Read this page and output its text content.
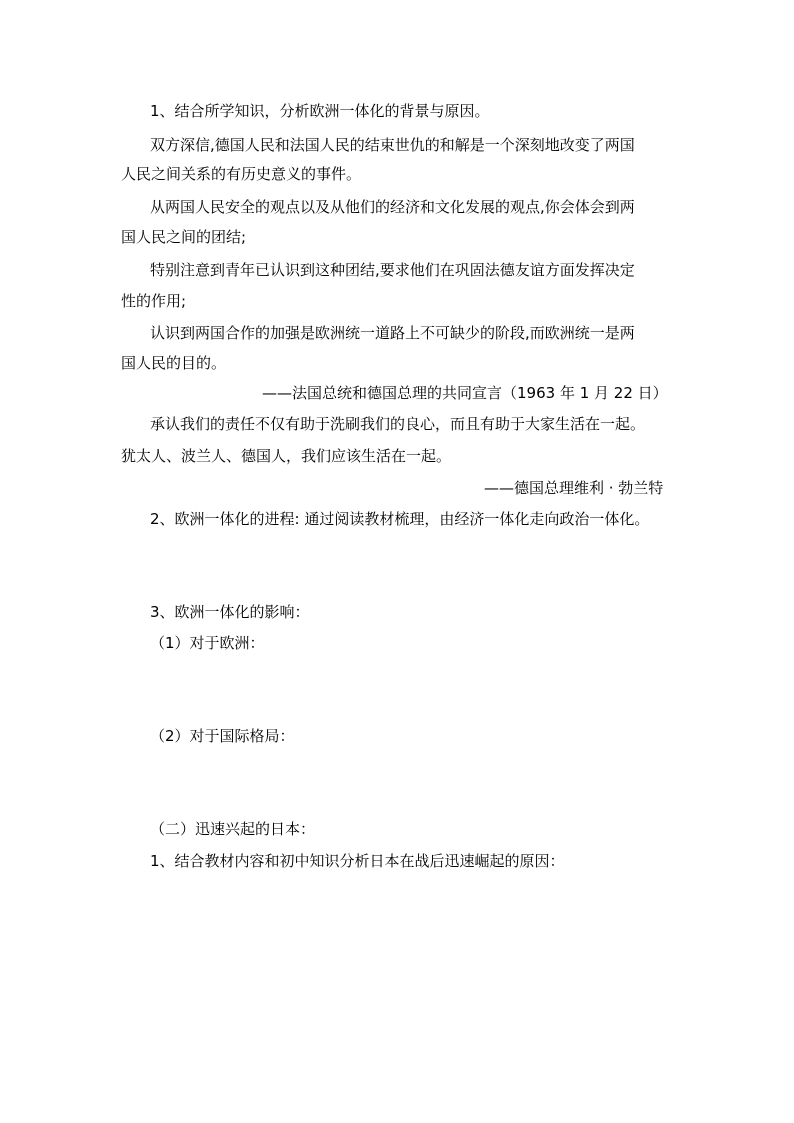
1、结合所学知识，分析欧洲一体化的背景与原因。
双方深信,德国人民和法国人民的结束世仇的和解是一个深刻地改变了两国
人民之间关系的有历史意义的事件。
从两国人民安全的观点以及从他们的经济和文化发展的观点,你会体会到两
国人民之间的团结;
特别注意到青年已认识到这种团结,要求他们在巩固法德友谊方面发挥决定
性的作用;
认识到两国合作的加强是欧洲统一道路上不可缺少的阶段,而欧洲统一是两
国人民的目的。
——法国总统和德国总理的共同宣言（1963 年 1 月 22 日）
承认我们的责任不仅有助于洗刷我们的良心，而且有助于大家生活在一起。
犹太人、波兰人、德国人，我们应该生活在一起。
——德国总理维利 · 勃兰特
2、欧洲一体化的进程: 通过阅读教材梳理，由经济一体化走向政治一体化。
3、欧洲一体化的影响：
（1）对于欧洲：
（2）对于国际格局：
（二）迅速兴起的日本：
1、结合教材内容和初中知识分析日本在战后迅速崛起的原因：
